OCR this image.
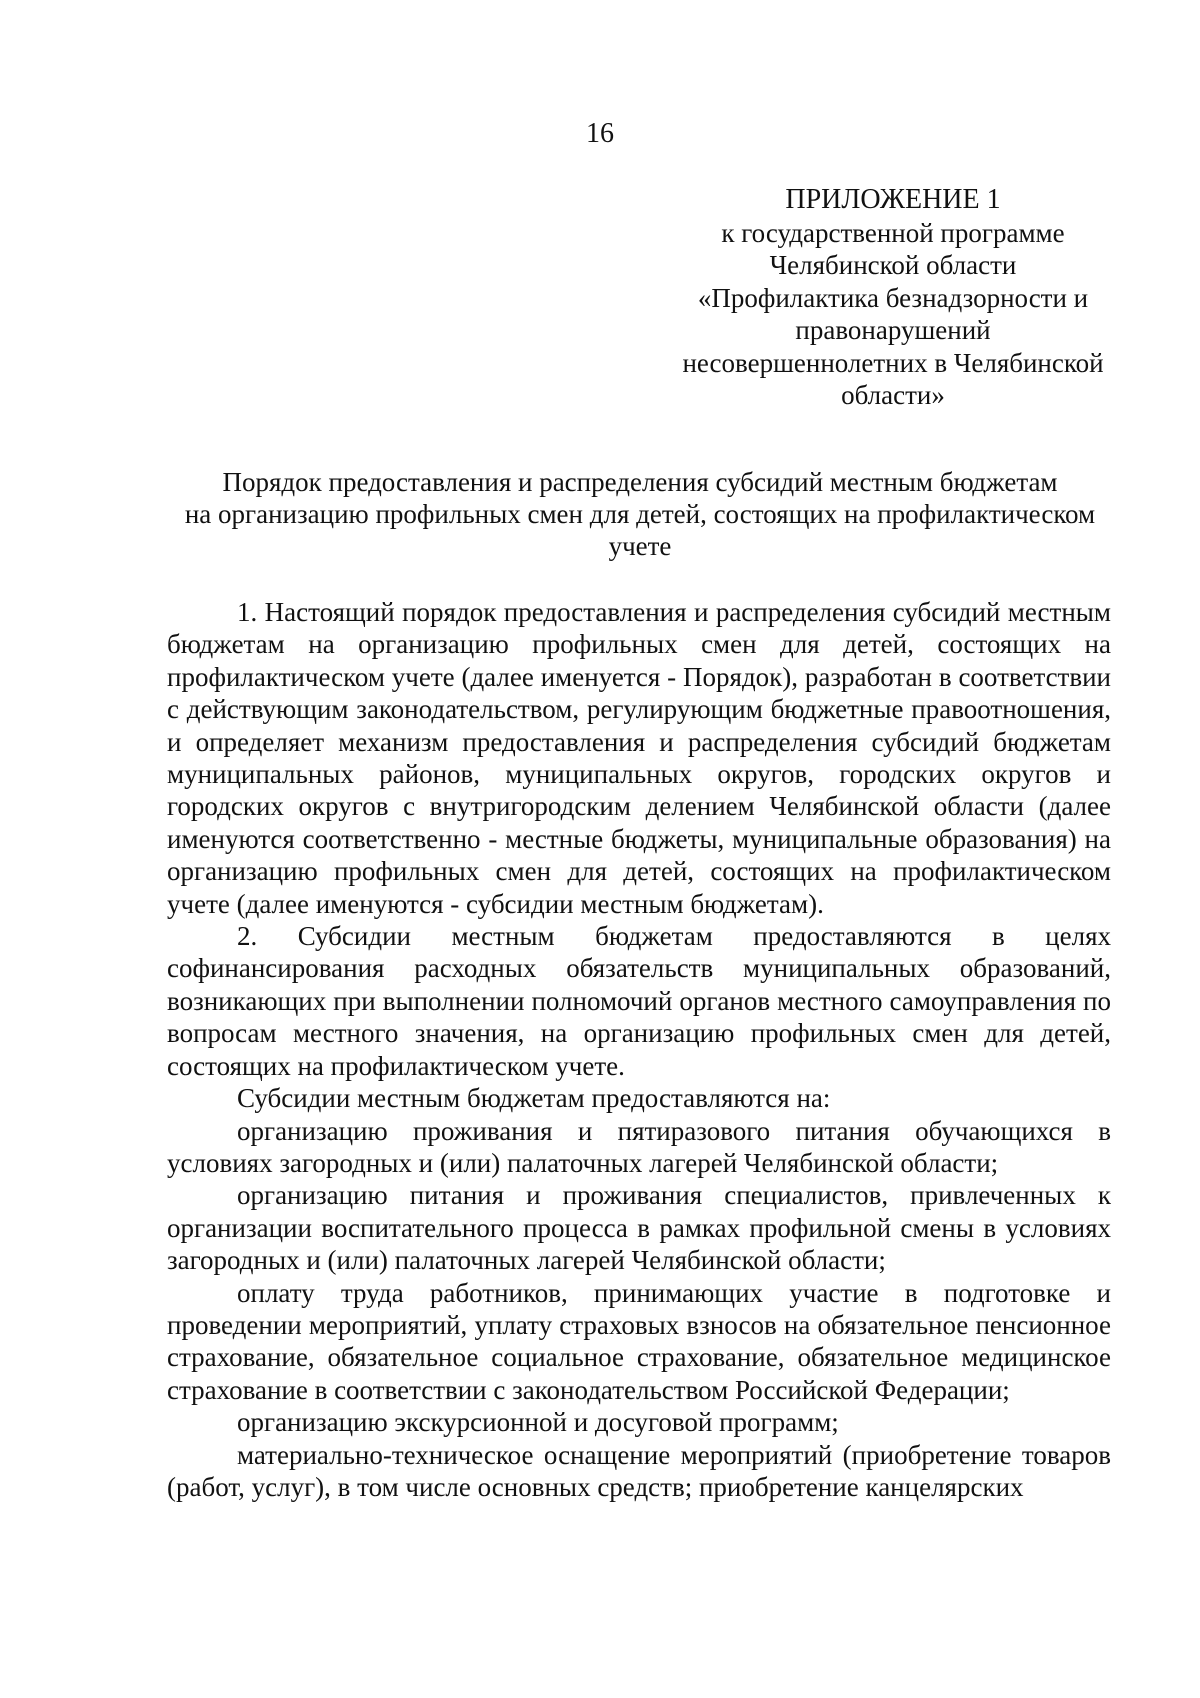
16
ПРИЛОЖЕНИЕ 1
к государственной программе
Челябинской области
«Профилактика безнадзорности и
правонарушений
несовершеннолетних в Челябинской
области»
Порядок предоставления и распределения субсидий местным бюджетам
на организацию профильных смен для детей, состоящих на профилактическом
учете

1. Настоящий порядок предоставления и распределения субсидий местным бюджетам на организацию профильных смен для детей, состоящих на профилактическом учете (далее именуется - Порядок), разработан в соответствии с действующим законодательством, регулирующим бюджетные правоотношения, и определяет механизм предоставления и распределения субсидий бюджетам муниципальных районов, муниципальных округов, городских округов и городских округов с внутригородским делением Челябинской области (далее именуются соответственно - местные бюджеты, муниципальные образования) на организацию профильных смен для детей, состоящих на профилактическом учете (далее именуются - субсидии местным бюджетам).

2. Субсидии местным бюджетам предоставляются в целях софинансирования расходных обязательств муниципальных образований, возникающих при выполнении полномочий органов местного самоуправления по вопросам местного значения, на организацию профильных смен для детей, состоящих на профилактическом учете.

Субсидии местным бюджетам предоставляются на:

организацию проживания и пятиразового питания обучающихся в условиях загородных и (или) палаточных лагерей Челябинской области;

организацию питания и проживания специалистов, привлеченных к организации воспитательного процесса в рамках профильной смены в условиях загородных и (или) палаточных лагерей Челябинской области;

оплату труда работников, принимающих участие в подготовке и проведении мероприятий, уплату страховых взносов на обязательное пенсионное страхование, обязательное социальное страхование, обязательное медицинское страхование в соответствии с законодательством Российской Федерации;

организацию экскурсионной и досуговой программ;

материально-техническое оснащение мероприятий (приобретение товаров (работ, услуг), в том числе основных средств; приобретение канцелярских
